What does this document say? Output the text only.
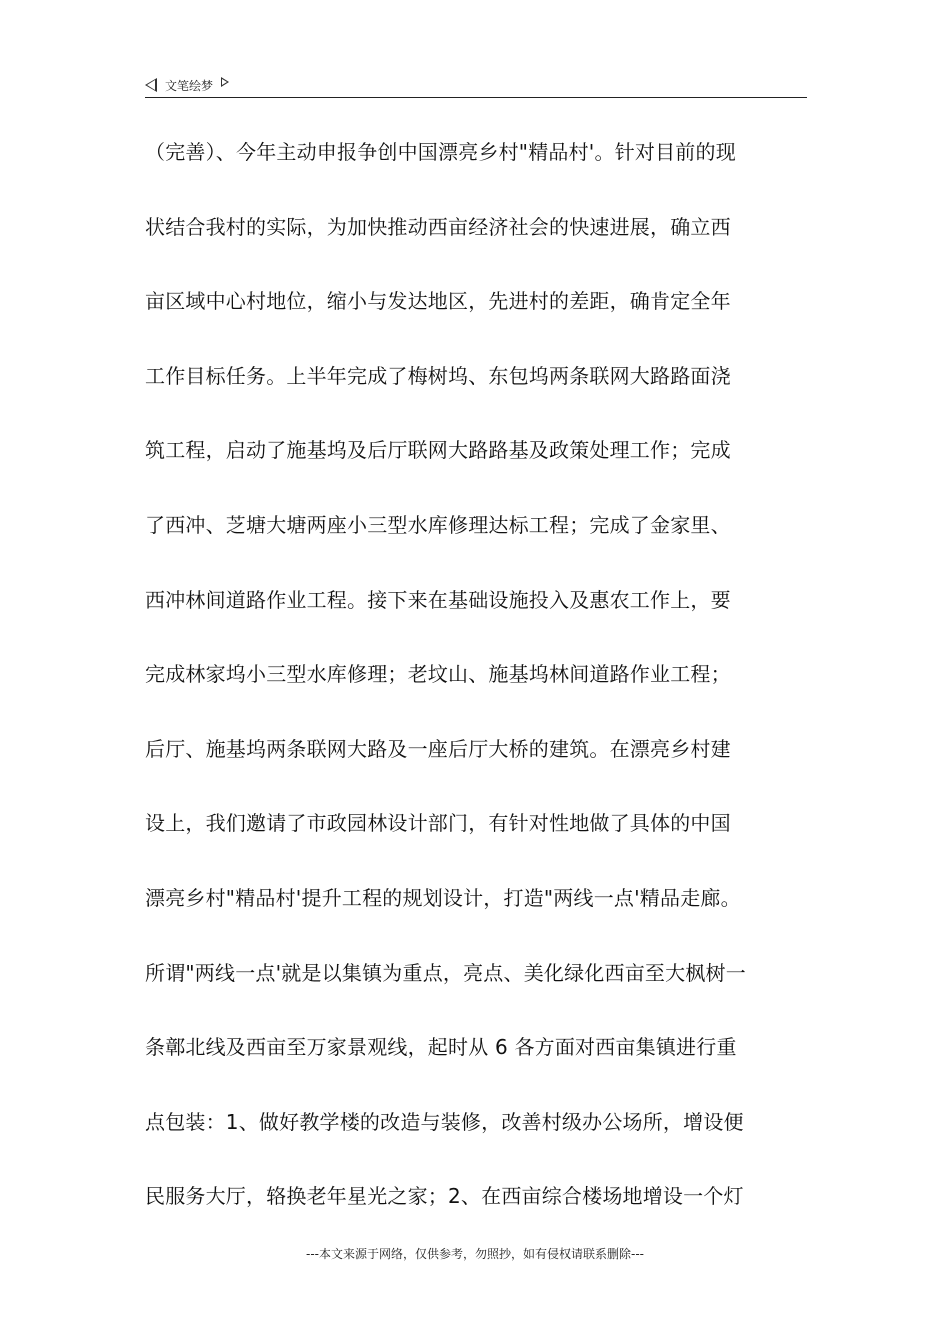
文笔绘梦
（完善）、今年主动申报争创中国漂亮乡村"精品村'。针对目前的现
状结合我村的实际，为加快推动西亩经济社会的快速进展，确立西
亩区域中心村地位，缩小与发达地区，先进村的差距，确肯定全年
工作目标任务。上半年完成了梅树坞、东包坞两条联网大路路面浇
筑工程，启动了施基坞及后厅联网大路路基及政策处理工作；完成
了西冲、芝塘大塘两座小三型水库修理达标工程；完成了金家里、
西冲林间道路作业工程。接下来在基础设施投入及惠农工作上，要
完成林家坞小三型水库修理；老坟山、施基坞林间道路作业工程；
后厅、施基坞两条联网大路及一座后厅大桥的建筑。在漂亮乡村建
设上，我们邀请了市政园林设计部门，有针对性地做了具体的中国
漂亮乡村"精品村'提升工程的规划设计，打造"两线一点'精品走廊。
所谓"两线一点'就是以集镇为重点，亮点、美化绿化西亩至大枫树一
条鄣北线及西亩至万家景观线，起时从 6 各方面对西亩集镇进行重
点包装：1、做好教学楼的改造与装修，改善村级办公场所，增设便
民服务大厅，辂换老年星光之家；2、在西亩综合楼场地增设一个灯
---本文来源于网络，仅供参考，勿照抄，如有侵权请联系删除---
